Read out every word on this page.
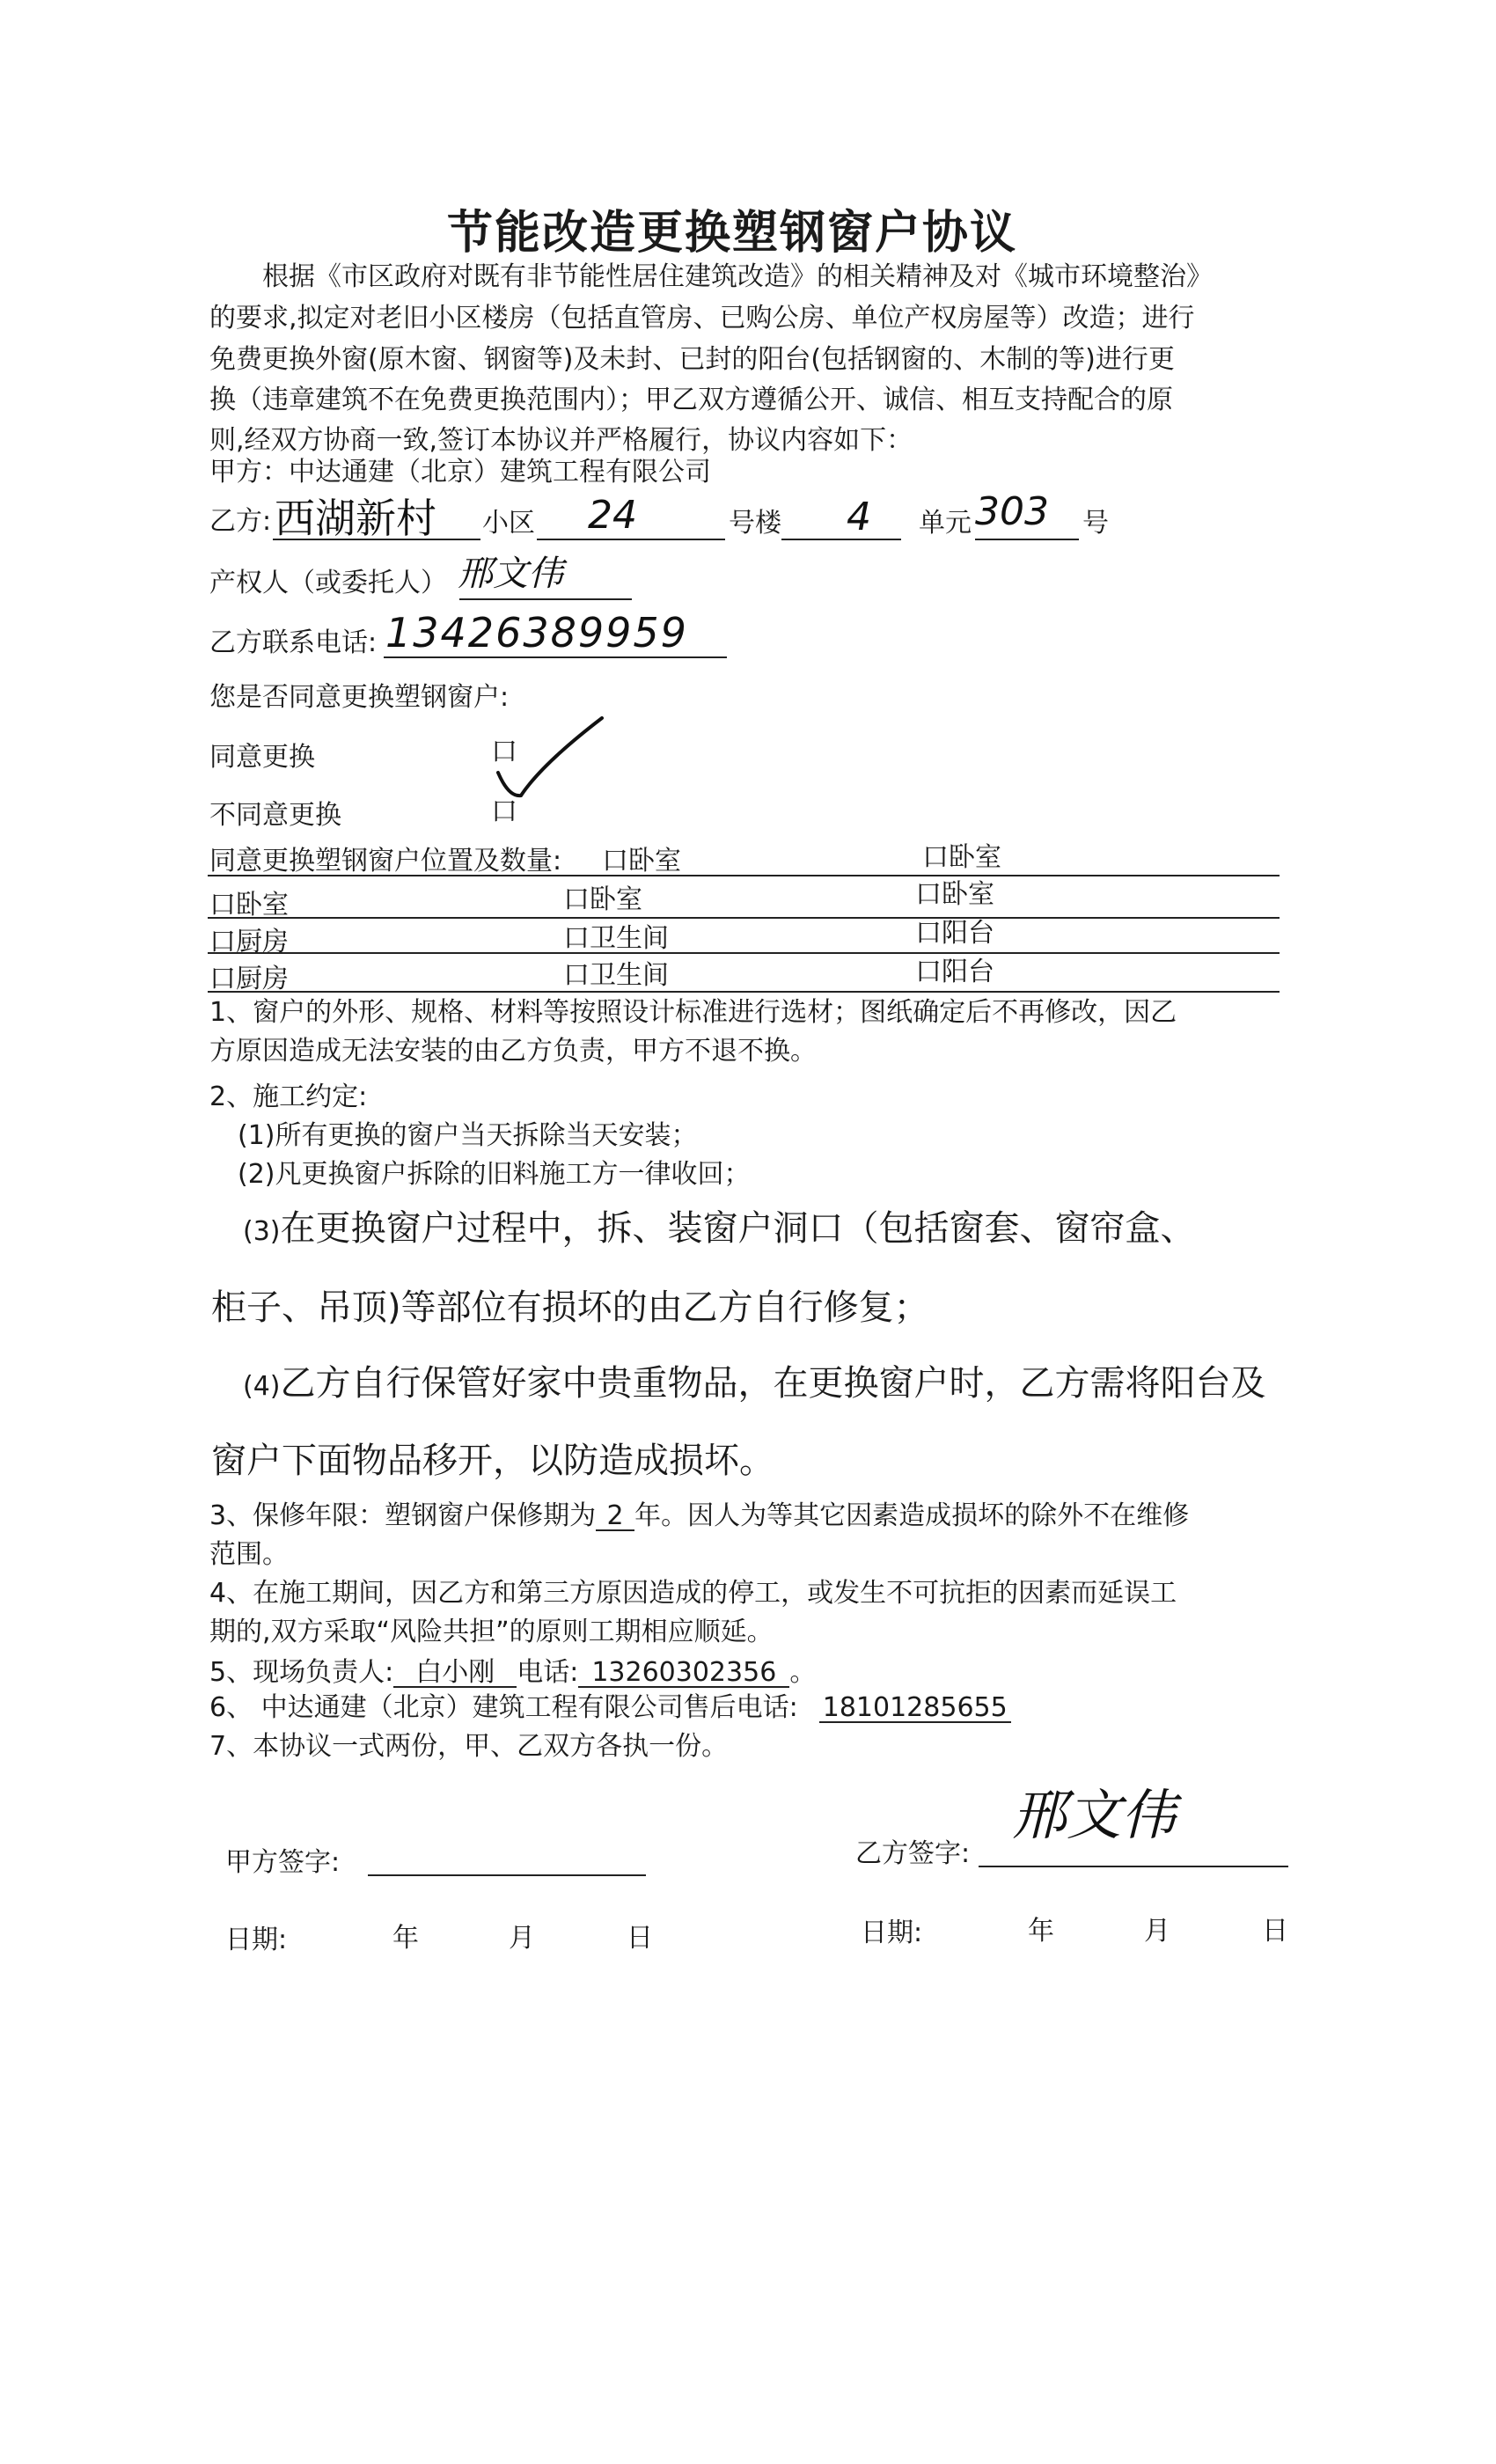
节能改造更换塑钢窗户协议
根据《市区政府对既有非节能性居住建筑改造》的相关精神及对《城市环境整治》
的要求,拟定对老旧小区楼房（包括直管房、已购公房、单位产权房屋等）改造；进行
免费更换外窗(原木窗、钢窗等)及未封、已封的阳台(包括钢窗的、木制的等)进行更
换（违章建筑不在免费更换范围内）；甲乙双方遵循公开、诚信、相互支持配合的原
则,经双方协商一致,签订本协议并严格履行，协议内容如下：
甲方：中达通建（北京）建筑工程有限公司
乙方: 西湖新村 小区 24	号楼 4 单元 303 号
产权人（或委托人） 邢文伟
乙方联系电话: 13426389959
您是否同意更换塑钢窗户:
同意更换	口
不同意更换	口
同意更换塑钢窗户位置及数量: 口卧室	口卧室
口卧室	口卧室	口卧室
口厨房	口卫生间	口阳台
口厨房	口卫生间	口阳台
1、窗户的外形、规格、材料等按照设计标准进行选材；图纸确定后不再修改，因乙
方原因造成无法安装的由乙方负责，甲方不退不换。
2、施工约定:
(1)所有更换的窗户当天拆除当天安装；
(2)凡更换窗户拆除的旧料施工方一律收回；
(3)在更换窗户过程中，拆、装窗户洞口（包括窗套、窗帘盒、
柜子、吊顶)等部位有损坏的由乙方自行修复；
(4)乙方自行保管好家中贵重物品，在更换窗户时，乙方需将阳台及
窗户下面物品移开，以防造成损坏。
3、保修年限：塑钢窗户保修期为 2 年。因人为等其它因素造成损坏的除外不在维修
范围。
4、在施工期间，因乙方和第三方原因造成的停工，或发生不可抗拒的因素而延误工
期的,双方采取“风险共担”的原则工期相应顺延。
5、现场负责人: 白小刚 电话: 13260302356 。
6、 中达通建（北京）建筑工程有限公司售后电话: 18101285655
7、本协议一式两份，甲、乙双方各执一份。
甲方签字:	乙方签字:
邢文伟
日期:	年	月	日	日期:	年	月	日
